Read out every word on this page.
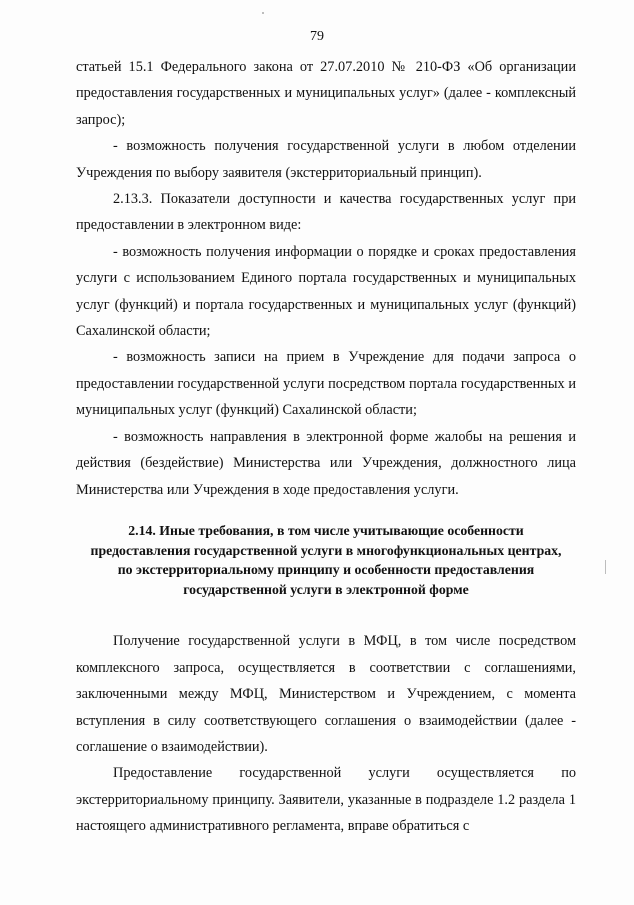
79

статьей 15.1 Федерального закона от 27.07.2010 № 210-ФЗ «Об организации предоставления государственных и муниципальных услуг» (далее - комплексный запрос);

- возможность получения государственной услуги в любом отделении Учреждения по выбору заявителя (экстерриториальный принцип).

2.13.3. Показатели доступности и качества государственных услуг при предоставлении в электронном виде:

- возможность получения информации о порядке и сроках предоставления услуги с использованием Единого портала государственных и муниципальных услуг (функций) и портала государственных и муниципальных услуг (функций) Сахалинской области;

- возможность записи на прием в Учреждение для подачи запроса о предоставлении государственной услуги посредством портала государственных и муниципальных услуг (функций) Сахалинской области;

- возможность направления в электронной форме жалобы на решения и действия (бездействие) Министерства или Учреждения, должностного лица Министерства или Учреждения в ходе предоставления услуги.

2.14. Иные требования, в том числе учитывающие особенности предоставления государственной услуги в многофункциональных центрах, по экстерриториальному принципу и особенности предоставления государственной услуги в электронной форме

Получение государственной услуги в МФЦ, в том числе посредством комплексного запроса, осуществляется в соответствии с соглашениями, заключенными между МФЦ, Министерством и Учреждением, с момента вступления в силу соответствующего соглашения о взаимодействии (далее - соглашение о взаимодействии).

Предоставление государственной услуги осуществляется по экстерриториальному принципу. Заявители, указанные в подразделе 1.2 раздела 1 настоящего административного регламента, вправе обратиться с
